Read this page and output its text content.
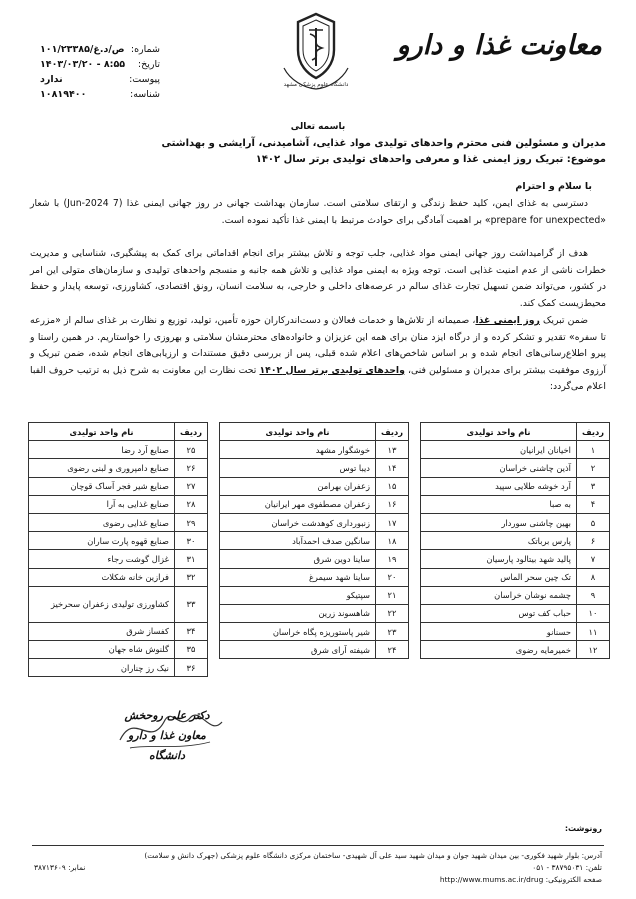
معاونت غذا و دارو
دانشگاه علوم پزشکی مشهد
شماره:
۱۰۱/ص/د.غ/۲۳۳۸۵
تاریخ:
۱۴۰۳/۰۳/۲۰ - ۸:۵۵
پیوست:
ندارد
شناسه:
۱۰۸۱۹۴۰۰
باسمه تعالی
مدیران و مسئولین فنی محترم واحدهای تولیدی مواد غذایی، آشامیدنی، آرایشی و بهداشتی
موضوع: تبریک روز ایمنی غذا و معرفی واحدهای تولیدی برتر سال ۱۴۰۲
با سلام و احترام

دسترسی به غذای ایمن، کلید حفظ زندگی و ارتقای سلامتی است. سازمان بهداشت جهانی در روز جهانی ایمنی غذا (7 Jun-2024) با شعار «prepare for unexpected» بر اهمیت آمادگی برای حوادث مرتبط با ایمنی غذا تأکید نموده است.

هدف از گرامیداشت روز جهانی ایمنی مواد غذایی، جلب توجه و تلاش بیشتر برای انجام اقداماتی برای کمک به پیشگیری، شناسایی و مدیریت خطرات ناشی از عدم امنیت غذایی است. توجه ویژه به ایمنی مواد غذایی و تلاش همه جانبه و منسجم واحدهای تولیدی و سازمان‌های متولی این امر در کشور، می‌تواند ضمن تسهیل تجارت غذای سالم در عرصه‌های داخلی و خارجی، به سلامت انسان، رونق اقتصادی، کشاورزی، توسعه پایدار و حفظ محیط‌زیست کمک کند.

ضمن تبریک روز ایمنی غذا، صمیمانه از تلاش‌ها و خدمات فعالان و دست‌اندرکاران حوزه تأمین، تولید، توزیع و نظارت بر غذای سالم از «مزرعه تا سفره» تقدیر و تشکر کرده و از درگاه ایزد منان برای همه این عزیزان و خانواده‌های محترمشان سلامتی و بهروزی را خواستاریم. در همین راستا و پیرو اطلاع‌رسانی‌های انجام شده و بر اساس شاخص‌های اعلام شده قبلی، پس از بررسی دقیق مستندات و ارزیابی‌های انجام شده، ضمن تبریک و آرزوی موفقیت بیشتر برای مدیران و مسئولین فنی، واحدهای تولیدی برتر سال ۱۴۰۲ تحت نظارت این معاونت به شرح ذیل به ترتیب حروف الفبا اعلام می‌گردد:

ردیف	نام واحد تولیدی
۱	اخیانان ایرانیان
۲	آذین چاشنی خراسان
۳	آرد خوشه طلایی سپید
۴	به صبا
۵	بهین چاشنی سوردار
۶	پارس برباتک
۷	پالید شهد بیتالود پارسیان
۸	تک چین سحر الماس
۹	چشمه نوشان خراسان
۱۰	حباب کف توس
۱۱	حسنانو
۱۲	خمیرمایه رضوی
ردیف	نام واحد تولیدی
۱۳	خوشگوار مشهد
۱۴	دیبا توس
۱۵	زعفران بهرامن
۱۶	زعفران مصطفوی مهر ایرانیان
۱۷	زنبورداری کوهدشت خراسان
۱۸	سانگین صدف احمدآباد
۱۹	ساینا دوین شرق
۲۰	ساینا شهد سیمرغ
۲۱	سپتیکو
۲۲	شاهسوند زرین
۲۳	شیر پاستوریزه پگاه خراسان
۲۴	شیفته آرای شرق
ردیف	نام واحد تولیدی
۲۵	صنایع آرد رضا
۲۶	صنایع دامپروری و لبنی رضوی
۲۷	صنایع شیر فجر آساک قوچان
۲۸	صنایع غذایی به آرا
۲۹	صنایع غذایی رضوی
۳۰	صنایع قهوه پارت ساران
۳۱	غزال گوشت رجاء
۳۲	فرازین خانه شکلات
۳۳	کشاورزی تولیدی زعفران سحرخیز
۳۴	کفساز شرق
۳۵	گلنوش شاه جهان
۳۶	نیک رز چناران
دکتر علی روحخش
معاون غذا و دارو دانشگاه
رونوشت:
آدرس: بلوار شهید فکوری- بین میدان شهید جوان و میدان شهید سید علی آل شهیدی- ساختمان مرکزی دانشگاه علوم پزشکی (جهرک دانش و سلامت)
تلفن: ۳۸۷۹۵۰۳۱ - ۰۵۱
نمابر: ۳۸۷۱۳۶۰۹
صفحه الکترونیکی: http://www.mums.ac.ir/drug
